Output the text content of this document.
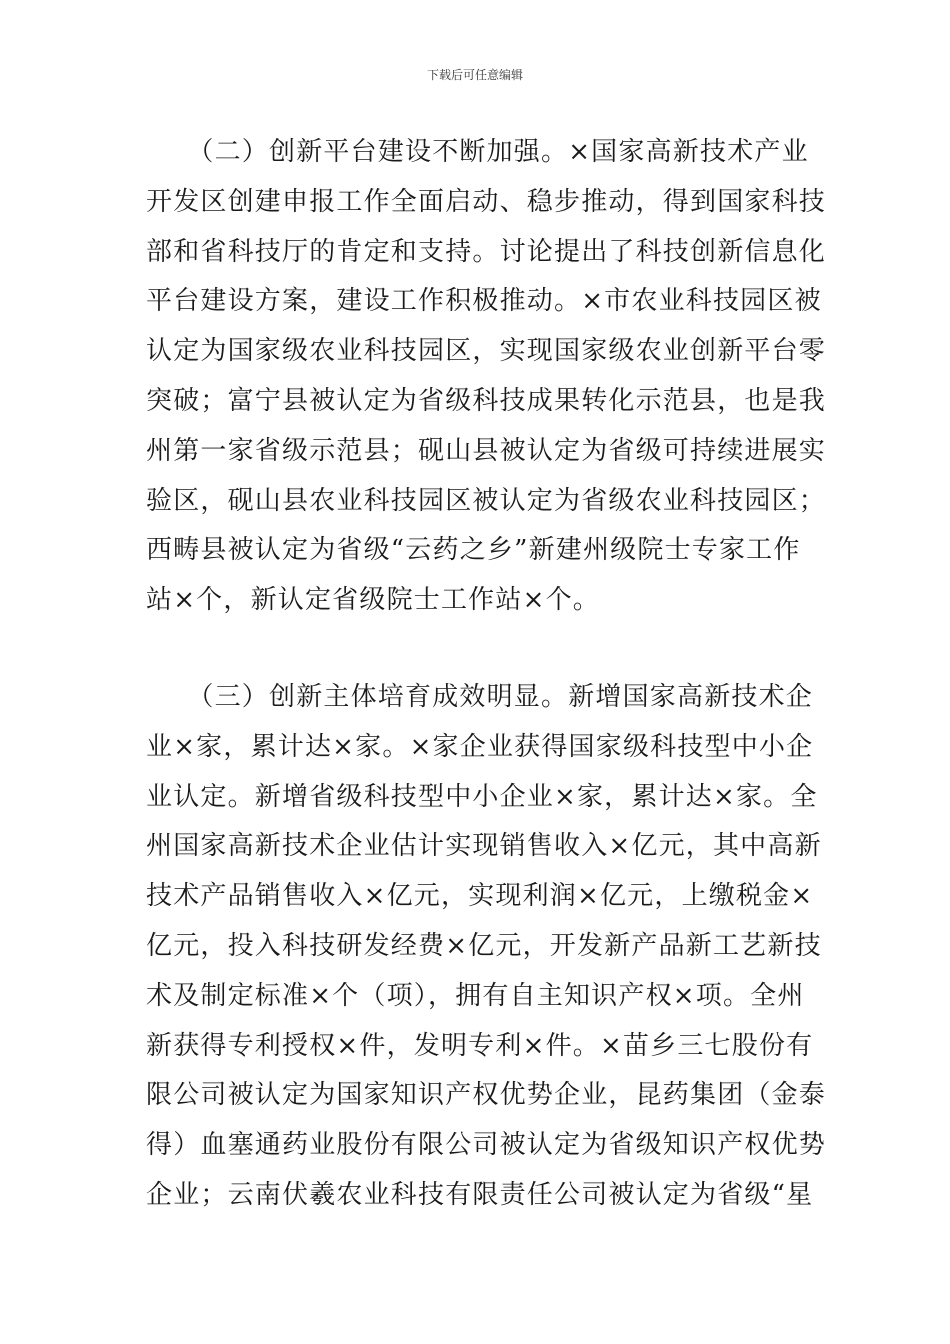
下载后可任意编辑
　　（二）创新平台建设不断加强。×国家高新技术产业
开发区创建申报工作全面启动、稳步推动，得到国家科技
部和省科技厅的肯定和支持。讨论提出了科技创新信息化
平台建设方案，建设工作积极推动。×市农业科技园区被
认定为国家级农业科技园区，实现国家级农业创新平台零
突破；富宁县被认定为省级科技成果转化示范县，也是我
州第一家省级示范县；砚山县被认定为省级可持续进展实
验区，砚山县农业科技园区被认定为省级农业科技园区；
西畴县被认定为省级“云药之乡”新建州级院士专家工作
站×个，新认定省级院士工作站×个。
　　（三）创新主体培育成效明显。新增国家高新技术企
业×家，累计达×家。×家企业获得国家级科技型中小企
业认定。新增省级科技型中小企业×家，累计达×家。全
州国家高新技术企业估计实现销售收入×亿元，其中高新
技术产品销售收入×亿元，实现利润×亿元，上缴税金×
亿元，投入科技研发经费×亿元，开发新产品新工艺新技
术及制定标准×个（项），拥有自主知识产权×项。全州
新获得专利授权×件，发明专利×件。×苗乡三七股份有
限公司被认定为国家知识产权优势企业，昆药集团（金泰
得）血塞通药业股份有限公司被认定为省级知识产权优势
企业；云南伏羲农业科技有限责任公司被认定为省级“星
